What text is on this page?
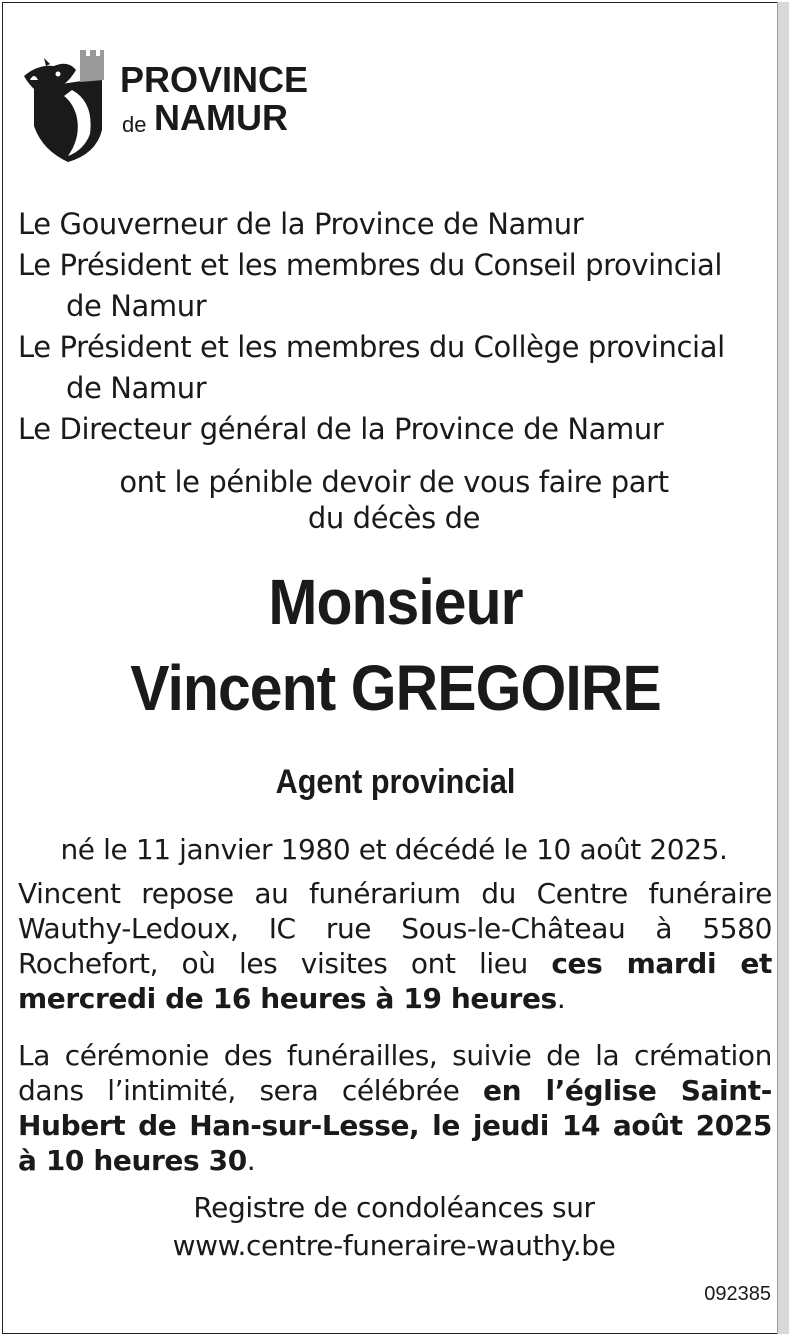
PROVINCE
de NAMUR
Le Gouverneur de la Province de Namur
Le Président et les membres du Conseil provincial
de Namur
Le Président et les membres du Collège provincial
de Namur
Le Directeur général de la Province de Namur
ont le pénible devoir de vous faire part
du décès de
Monsieur
Vincent GREGOIRE
Agent provincial
né le 11 janvier 1980 et décédé le 10 août 2025.
Vincent repose au funérarium du Centre funéraire Wauthy-Ledoux, IC rue Sous-le-Château à 5580 Rochefort, où les visites ont lieu ces mardi et mercredi de 16 heures à 19 heures.
La cérémonie des funérailles, suivie de la crémation dans l’intimité, sera célébrée en l’église Saint-Hubert de Han-sur-Lesse, le jeudi 14 août 2025 à 10 heures 30.
Registre de condoléances sur
www.centre-funeraire-wauthy.be
092385
